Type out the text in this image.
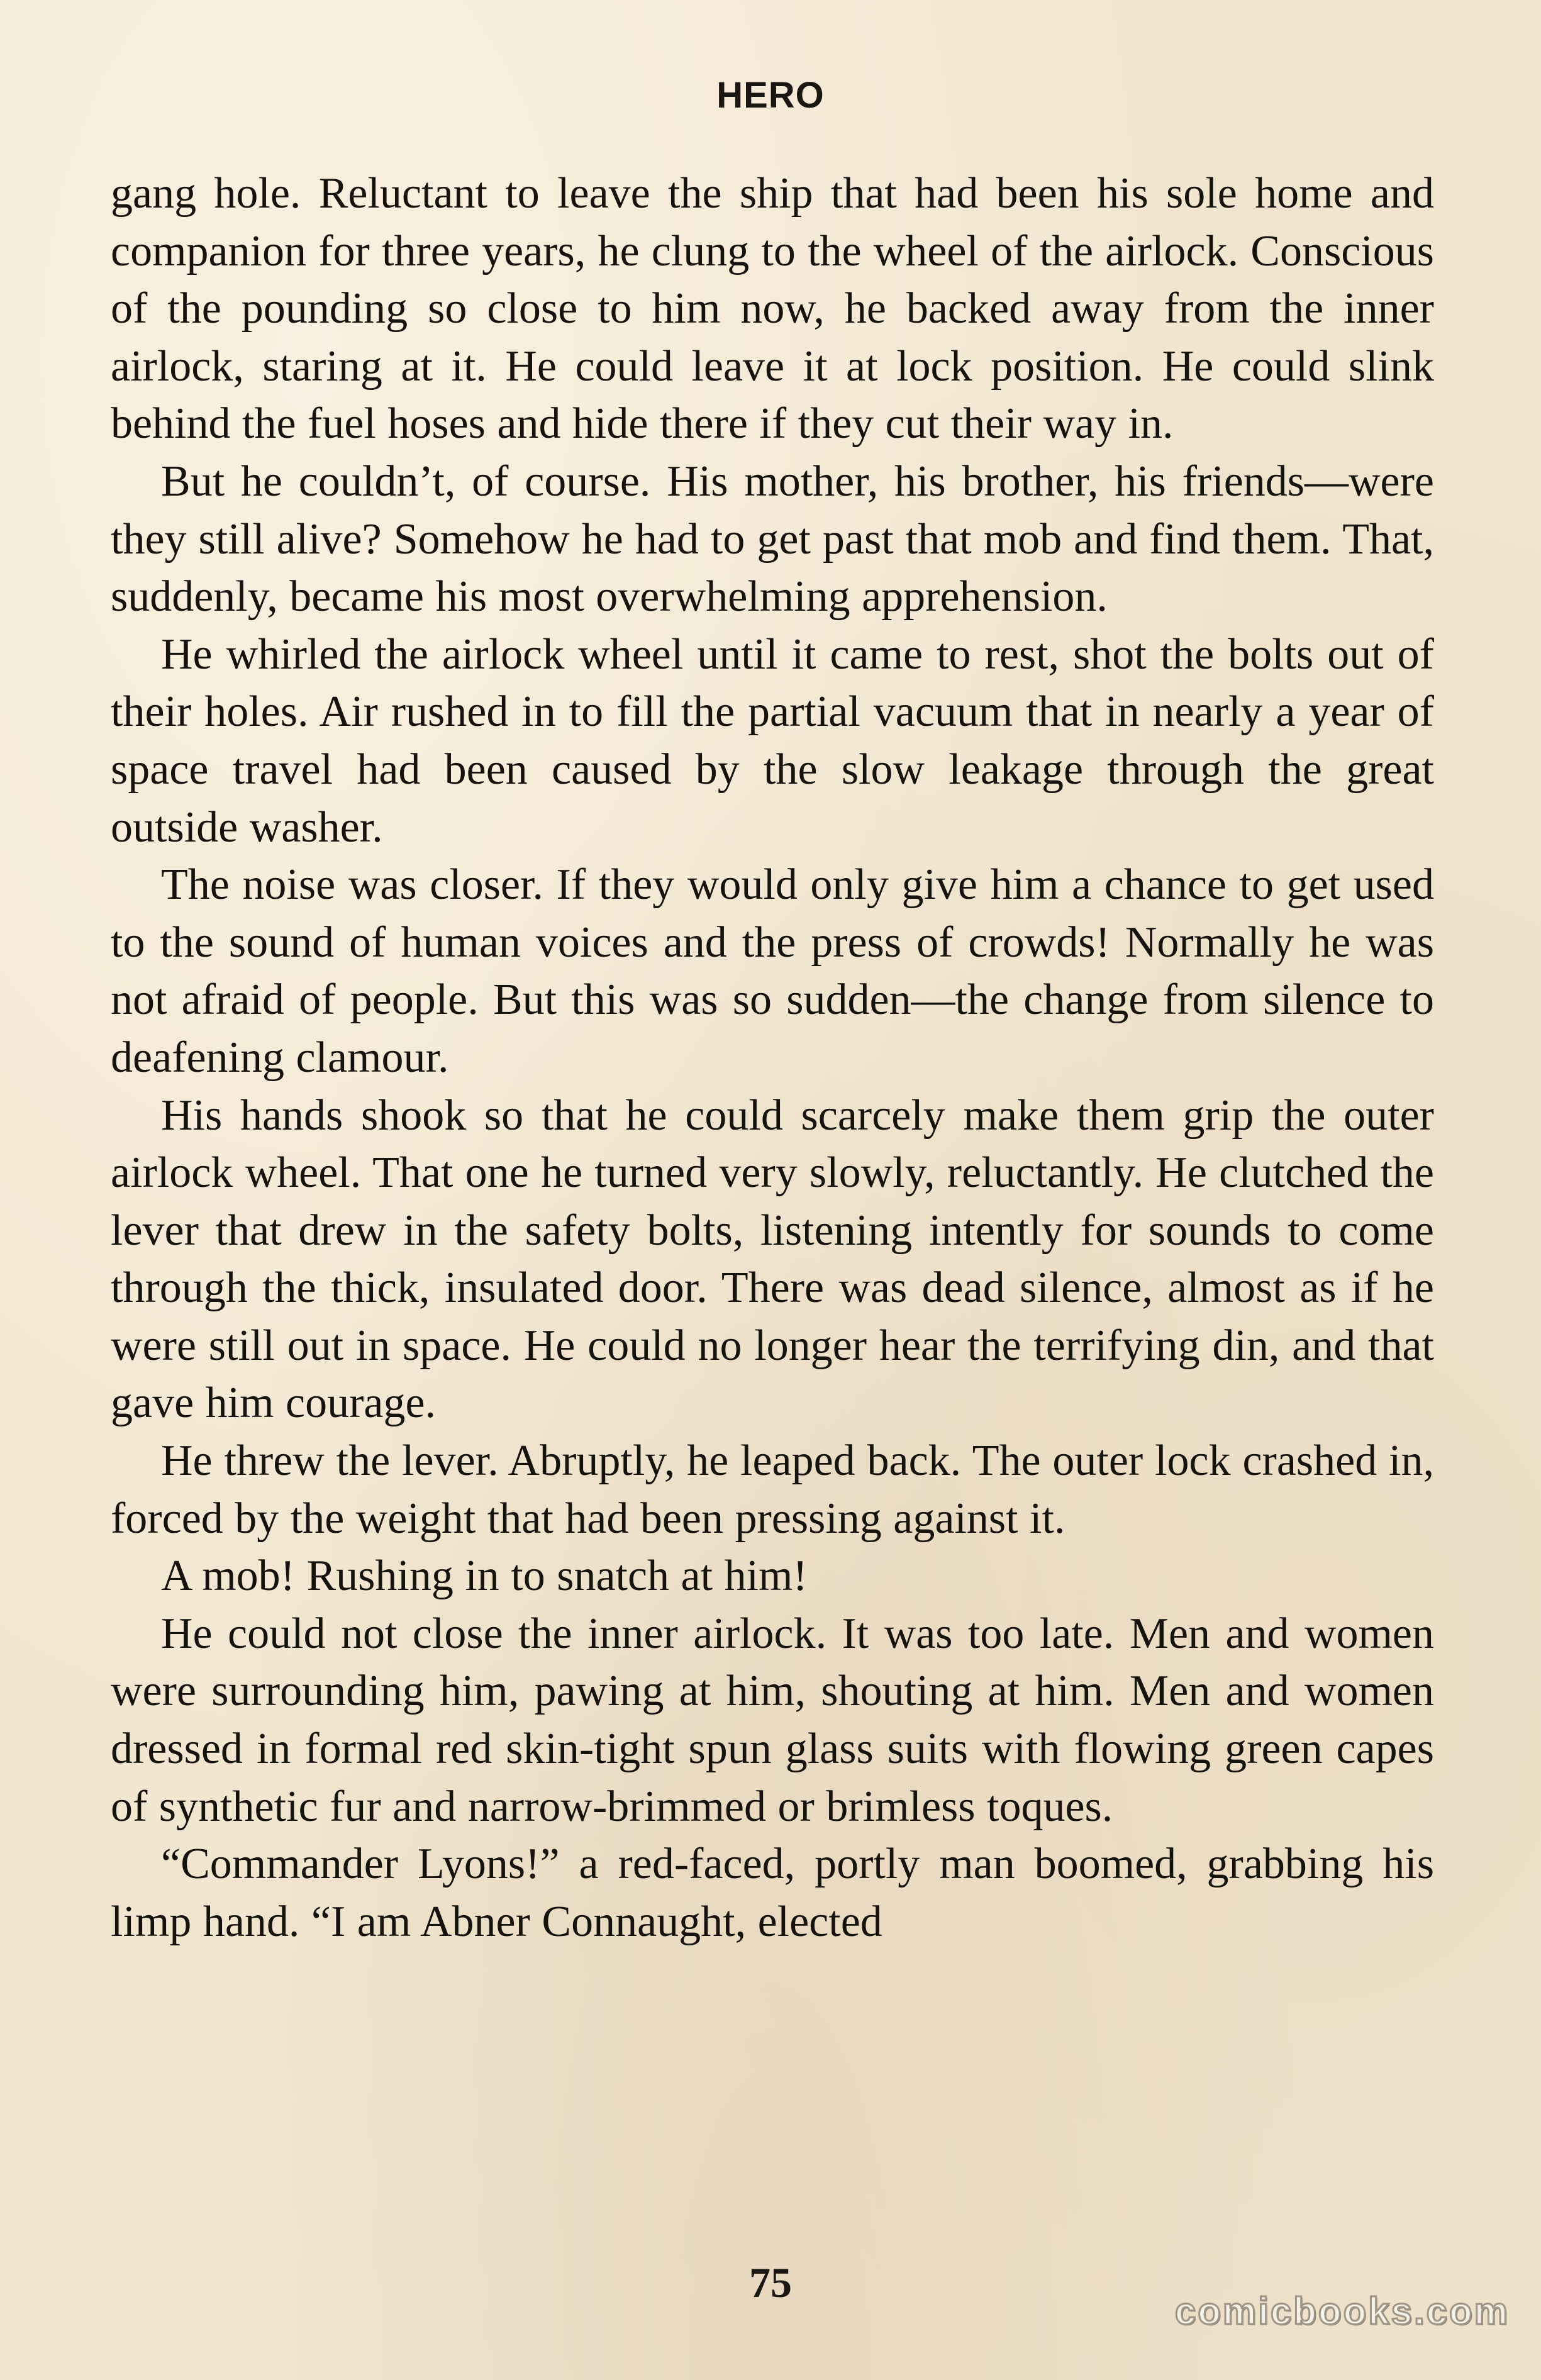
HERO

gang hole. Reluctant to leave the ship that had been his sole home and companion for three years, he clung to the wheel of the airlock. Conscious of the pounding so close to him now, he backed away from the inner airlock, staring at it. He could leave it at lock position. He could slink behind the fuel hoses and hide there if they cut their way in.

But he couldn’t, of course. His mother, his brother, his friends—were they still alive? Somehow he had to get past that mob and find them. That, suddenly, became his most overwhelming apprehension.

He whirled the airlock wheel until it came to rest, shot the bolts out of their holes. Air rushed in to fill the partial vacuum that in nearly a year of space travel had been caused by the slow leakage through the great outside washer.

The noise was closer. If they would only give him a chance to get used to the sound of human voices and the press of crowds! Normally he was not afraid of people. But this was so sudden—the change from silence to deafening clamour.

His hands shook so that he could scarcely make them grip the outer airlock wheel. That one he turned very slowly, reluctantly. He clutched the lever that drew in the safety bolts, listening intently for sounds to come through the thick, insulated door. There was dead silence, almost as if he were still out in space. He could no longer hear the terrifying din, and that gave him courage.

He threw the lever. Abruptly, he leaped back. The outer lock crashed in, forced by the weight that had been pressing against it.

A mob! Rushing in to snatch at him!

He could not close the inner airlock. It was too late. Men and women were surrounding him, pawing at him, shouting at him. Men and women dressed in formal red skin-tight spun glass suits with flowing green capes of synthetic fur and narrow-brimmed or brimless toques.

“Commander Lyons!” a red-faced, portly man boomed, grabbing his limp hand. “I am Abner Connaught, elected

75
comicbooks.com
